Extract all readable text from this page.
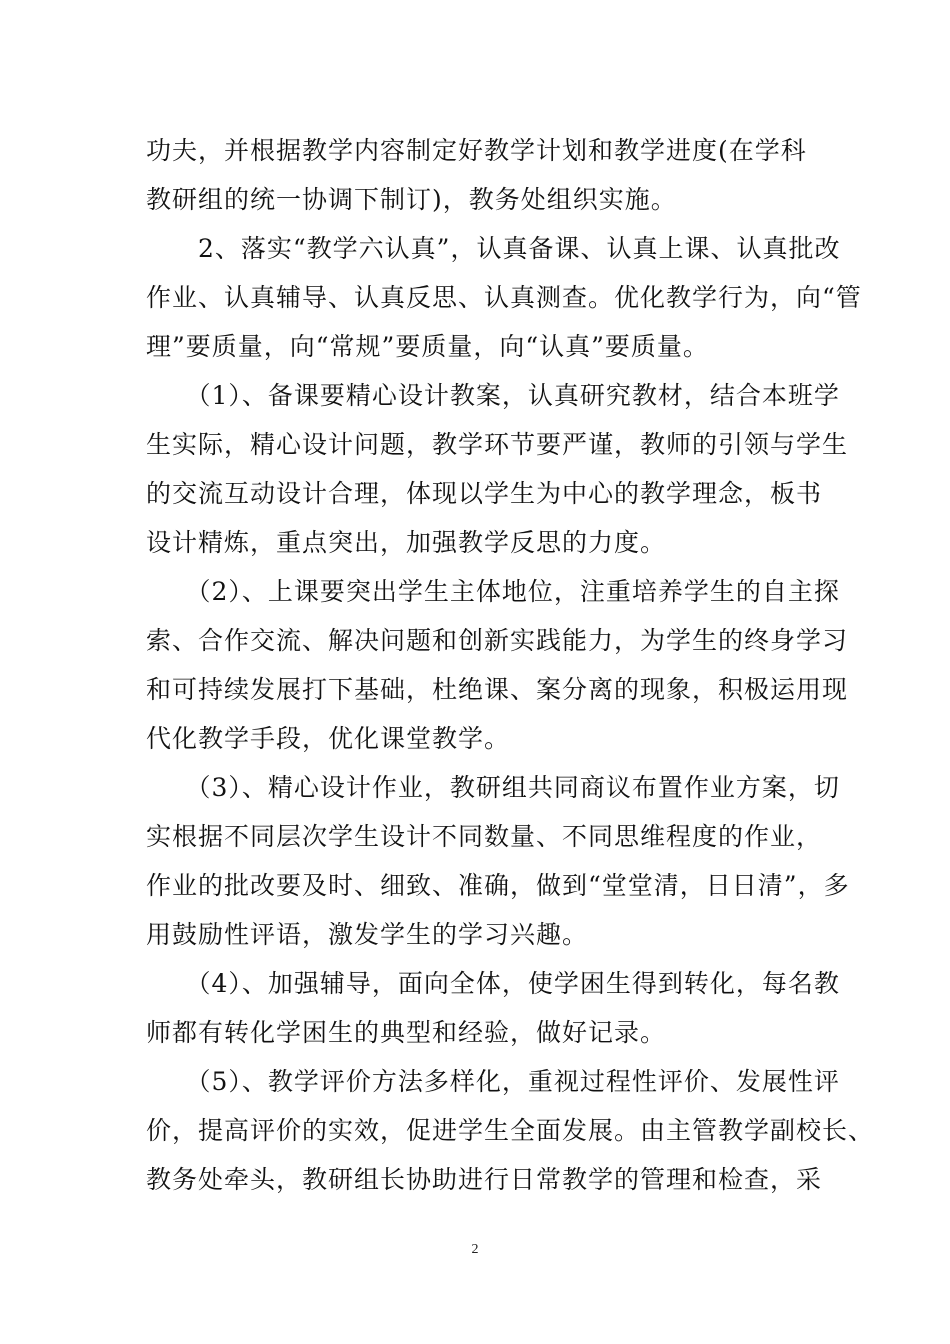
功夫，并根据教学内容制定好教学计划和教学进度(在学科
教研组的统一协调下制订)，教务处组织实施。
　　2、落实“教学六认真”，认真备课、认真上课、认真批改
作业、认真辅导、认真反思、认真测查。优化教学行为，向“管
理”要质量，向“常规”要质量，向“认真”要质量。
　　（1）、备课要精心设计教案，认真研究教材，结合本班学
生实际，精心设计问题，教学环节要严谨，教师的引领与学生
的交流互动设计合理，体现以学生为中心的教学理念，板书
设计精炼，重点突出，加强教学反思的力度。
　　（2）、上课要突出学生主体地位，注重培养学生的自主探
索、合作交流、解决问题和创新实践能力，为学生的终身学习
和可持续发展打下基础，杜绝课、案分离的现象，积极运用现
代化教学手段，优化课堂教学。
　　（3）、精心设计作业，教研组共同商议布置作业方案，切
实根据不同层次学生设计不同数量、不同思维程度的作业，
作业的批改要及时、细致、准确，做到“堂堂清，日日清”，多
用鼓励性评语，激发学生的学习兴趣。
　　（4）、加强辅导，面向全体，使学困生得到转化，每名教
师都有转化学困生的典型和经验，做好记录。
　　（5）、教学评价方法多样化，重视过程性评价、发展性评
价，提高评价的实效，促进学生全面发展。由主管教学副校长、
教务处牵头，教研组长协助进行日常教学的管理和检查，采
2
